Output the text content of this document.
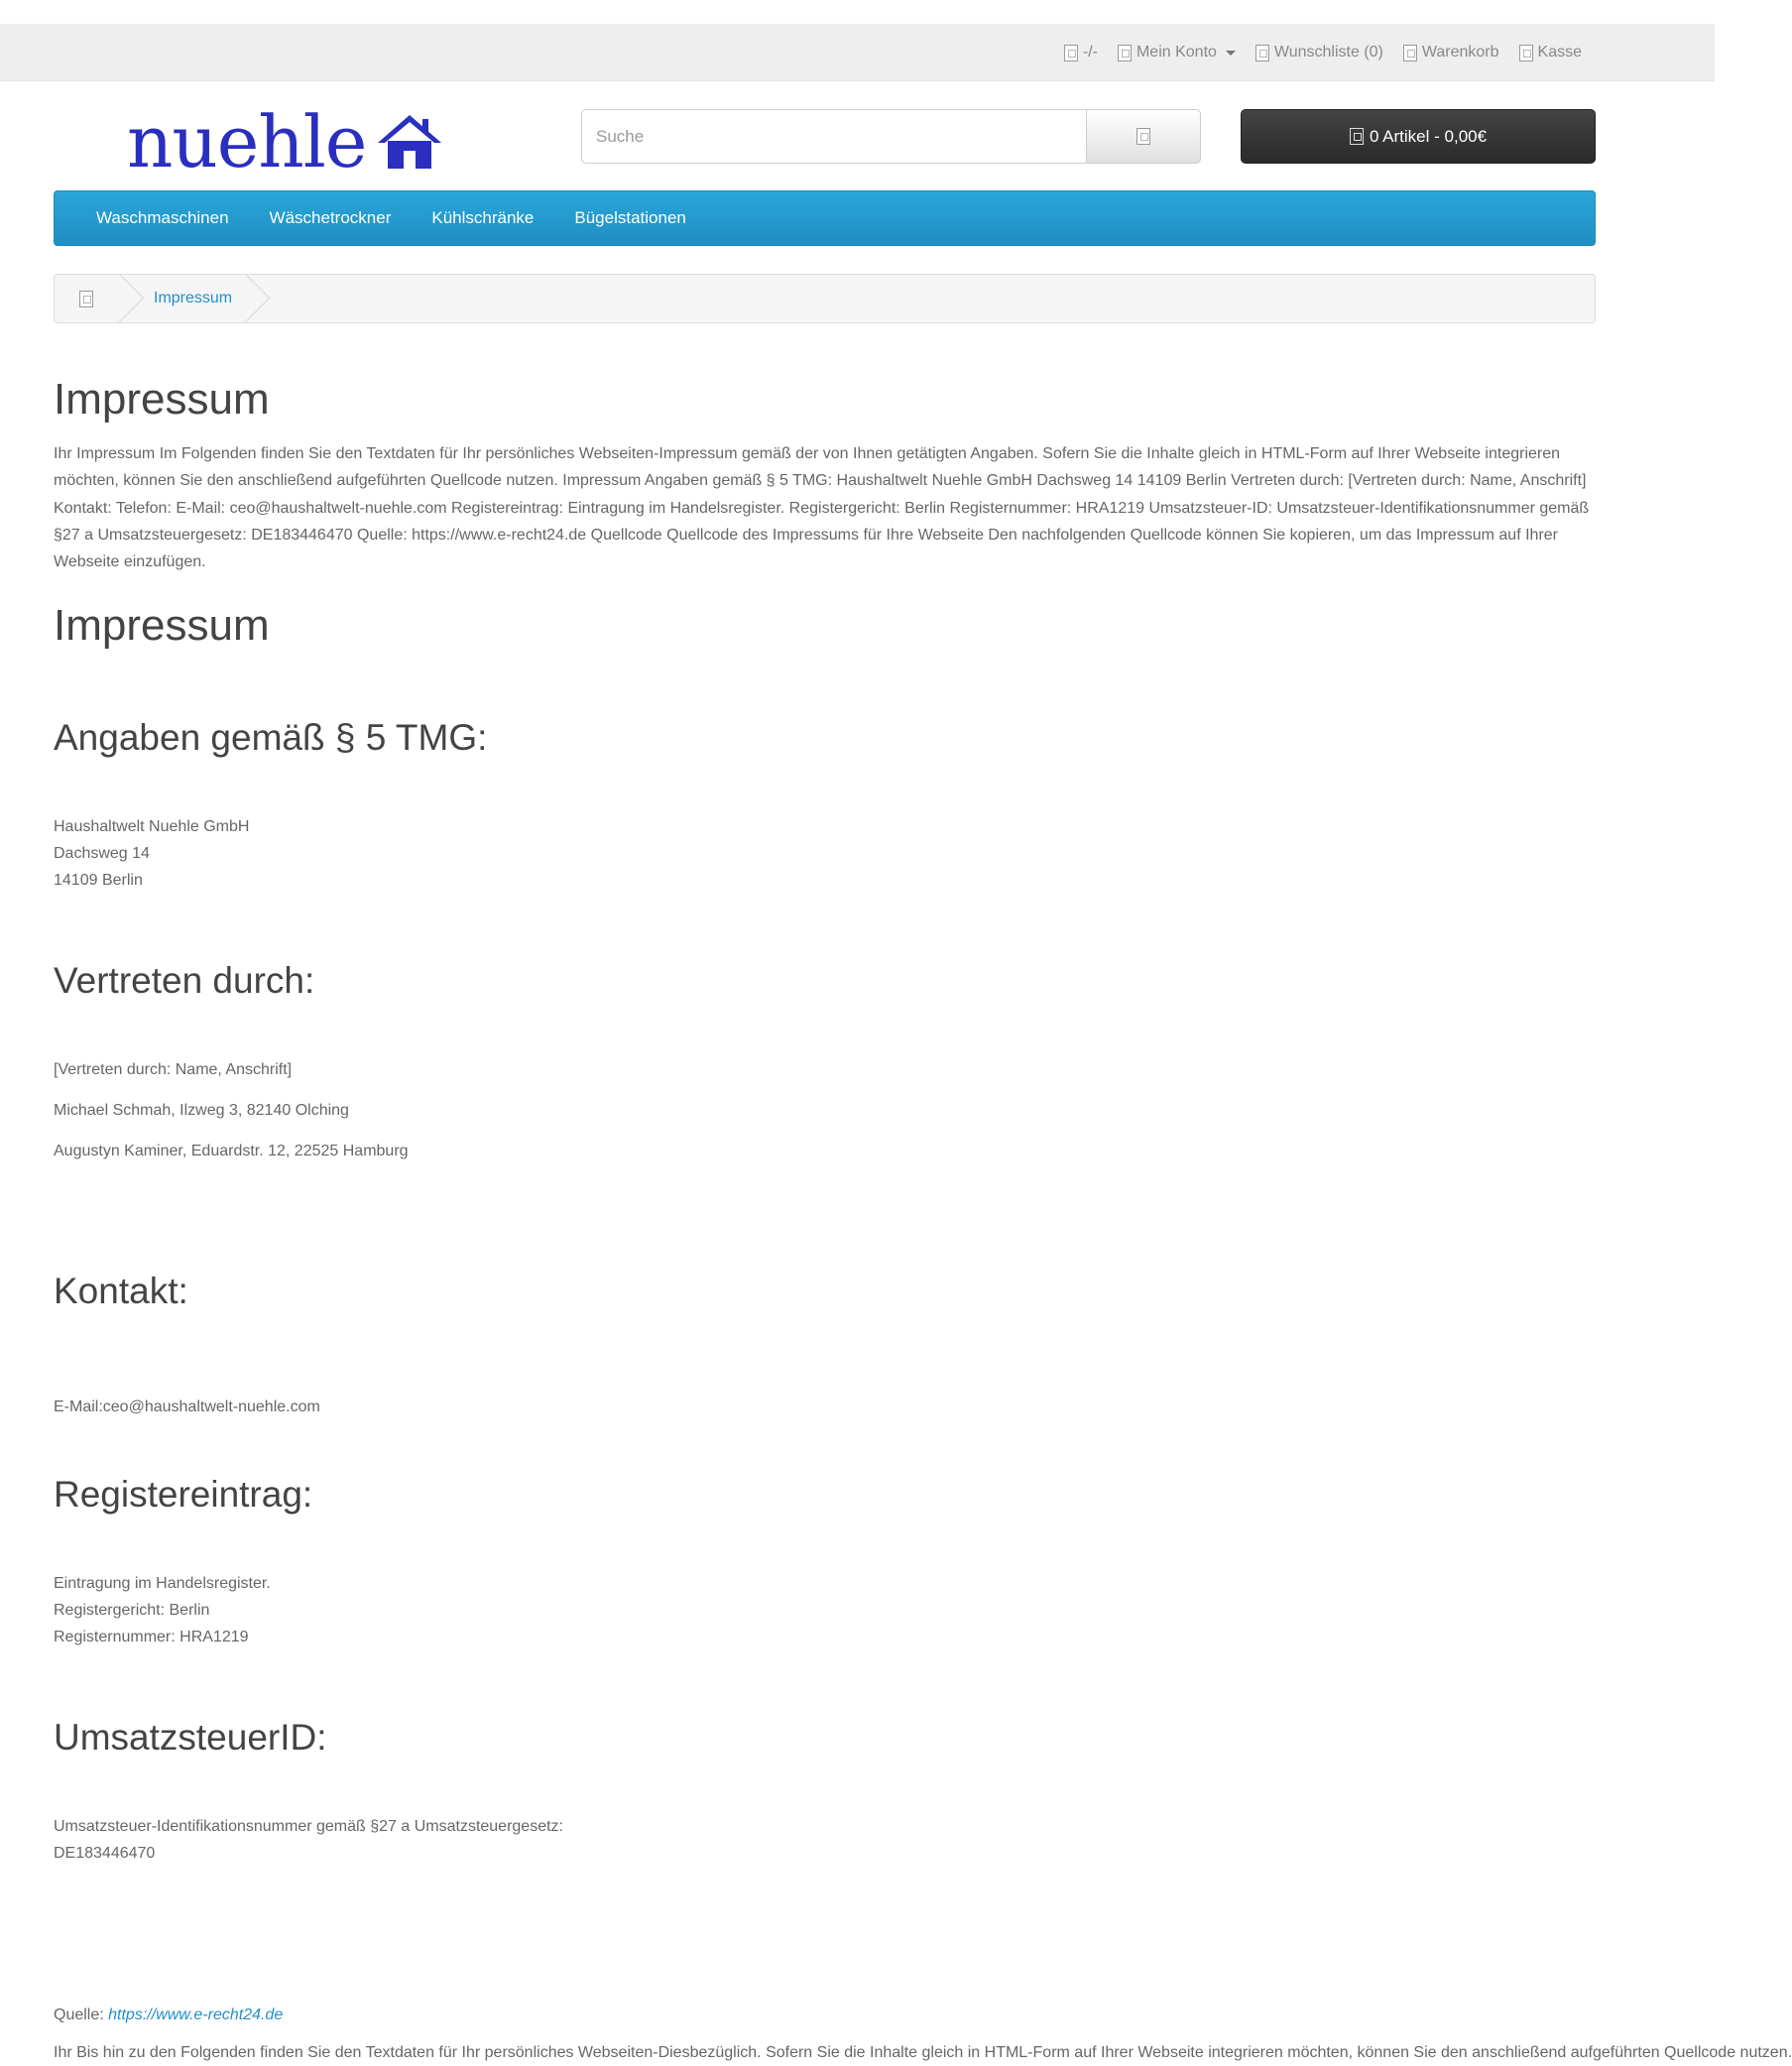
-/- Mein Konto	Wunschliste (0) Warenkorb Kasse
nuehle
Suche	0 Artikel - 0,00€
Waschmaschinen Wäschetrockner Kühlschränke Bügelstationen
Impressum
Impressum

Ihr Impressum Im Folgenden finden Sie den Textdaten für Ihr persönliches Webseiten-Impressum gemäß der von Ihnen getätigten Angaben. Sofern Sie die Inhalte gleich in HTML-Form auf Ihrer Webseite integrieren möchten, können Sie den anschließend aufgeführten Quellcode nutzen. Impressum Angaben gemäß § 5 TMG: Haushaltwelt Nuehle GmbH Dachsweg 14 14109 Berlin Vertreten durch: [Vertreten durch: Name, Anschrift] Kontakt: Telefon: E-Mail: ceo@haushaltwelt-nuehle.com Registereintrag: Eintragung im Handelsregister. Registergericht: Berlin Registernummer: HRA1219 Umsatzsteuer-ID: Umsatzsteuer-Identifikationsnummer gemäß §27 a Umsatzsteuergesetz: DE183446470 Quelle: https://www.e-recht24.de Quellcode Quellcode des Impressums für Ihre Webseite Den nachfolgenden Quellcode können Sie kopieren, um das Impressum auf Ihrer Webseite einzufügen.

Impressum
Angaben gemäß § 5 TMG:
Haushaltwelt Nuehle GmbH
Dachsweg 14
14109 Berlin
Vertreten durch:
[Vertreten durch: Name, Anschrift]
Michael Schmah, Ilzweg 3, 82140 Olching
Augustyn Kaminer, Eduardstr. 12, 22525 Hamburg
Kontakt:
E-Mail:ceo@haushaltwelt-nuehle.com
Registereintrag:
Eintragung im Handelsregister.
Registergericht: Berlin
Registernummer: HRA1219
UmsatzsteuerID:
Umsatzsteuer-Identifikationsnummer gemäß §27 a Umsatzsteuergesetz:
DE183446470
Quelle: https://www.e-recht24.de
Ihr Bis hin zu den Folgenden finden Sie den Textdaten für Ihr persönliches Webseiten-Diesbezüglich. Sofern Sie die Inhalte gleich in HTML-Form auf Ihrer Webseite integrieren möchten, können Sie den anschließend aufgeführten Quellcode nutzen.
